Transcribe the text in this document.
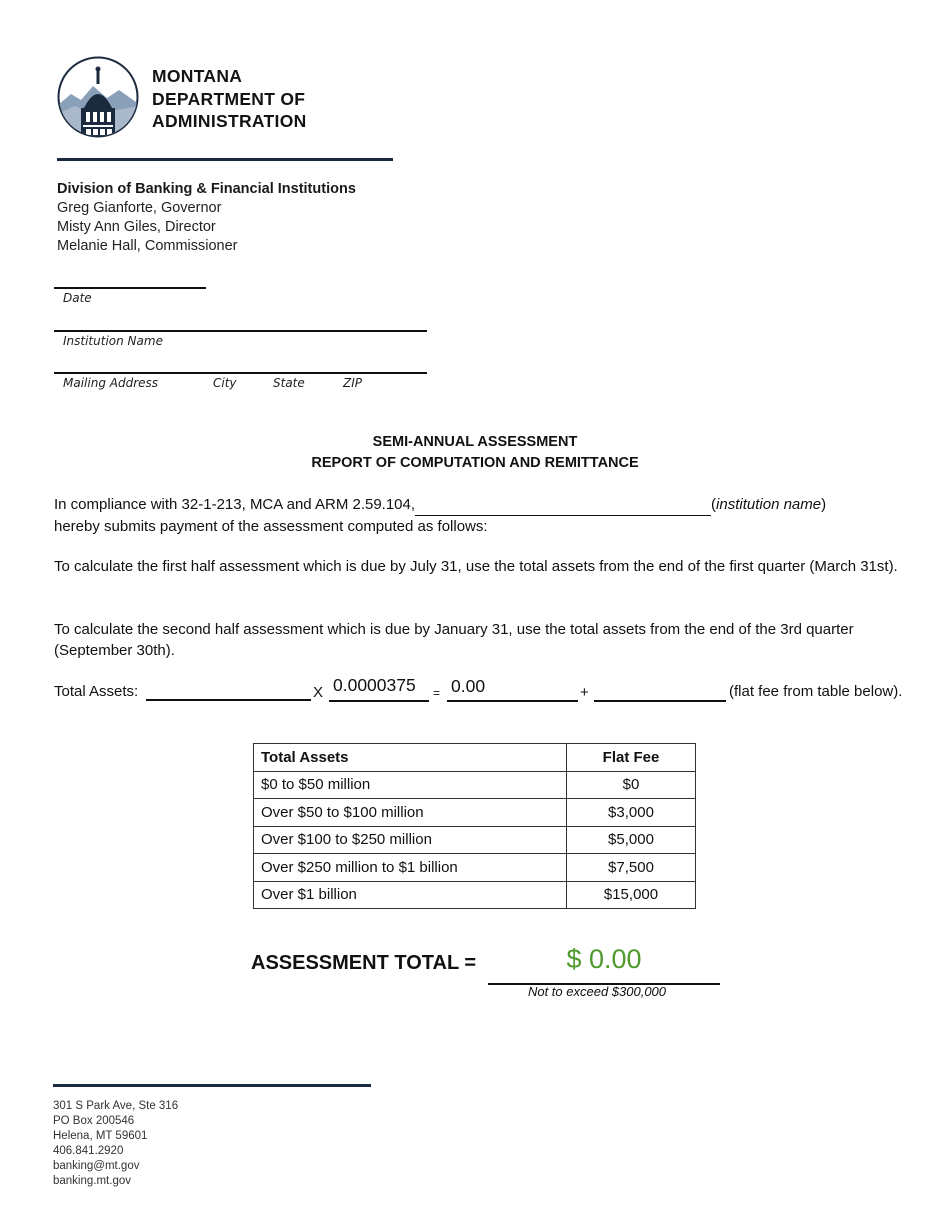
MONTANA
DEPARTMENT OF
ADMINISTRATION
Division of Banking & Financial Institutions
Greg Gianforte, Governor
Misty Ann Giles, Director
Melanie Hall, Commissioner
Date
Institution Name
Mailing Address	City	State	ZIP
SEMI-ANNUAL ASSESSMENT
REPORT OF COMPUTATION AND REMITTANCE
In compliance with 32-1-213, MCA and ARM 2.59.104,	(institution name)
hereby submits payment of the assessment computed as follows:
To calculate the first half assessment which is due by July 31, use the total assets from the end of the first quarter (March 31st).
To calculate the second half assessment which is due by January 31, use the total assets from the end of the 3rd quarter (September 30th).
Total Assets:	X 0.0000375 = 0.00	+	(flat fee from table below).
Total Assets	Flat Fee
$0 to $50 million	$0
Over $50 to $100 million	$3,000
Over $100 to $250 million	$5,000
Over $250 million to $1 billion	$7,500
Over $1 billion	$15,000
ASSESSMENT TOTAL =	$ 0.00
Not to exceed $300,000
301 S Park Ave, Ste 316
PO Box 200546
Helena, MT 59601
406.841.2920
banking@mt.gov
banking.mt.gov
